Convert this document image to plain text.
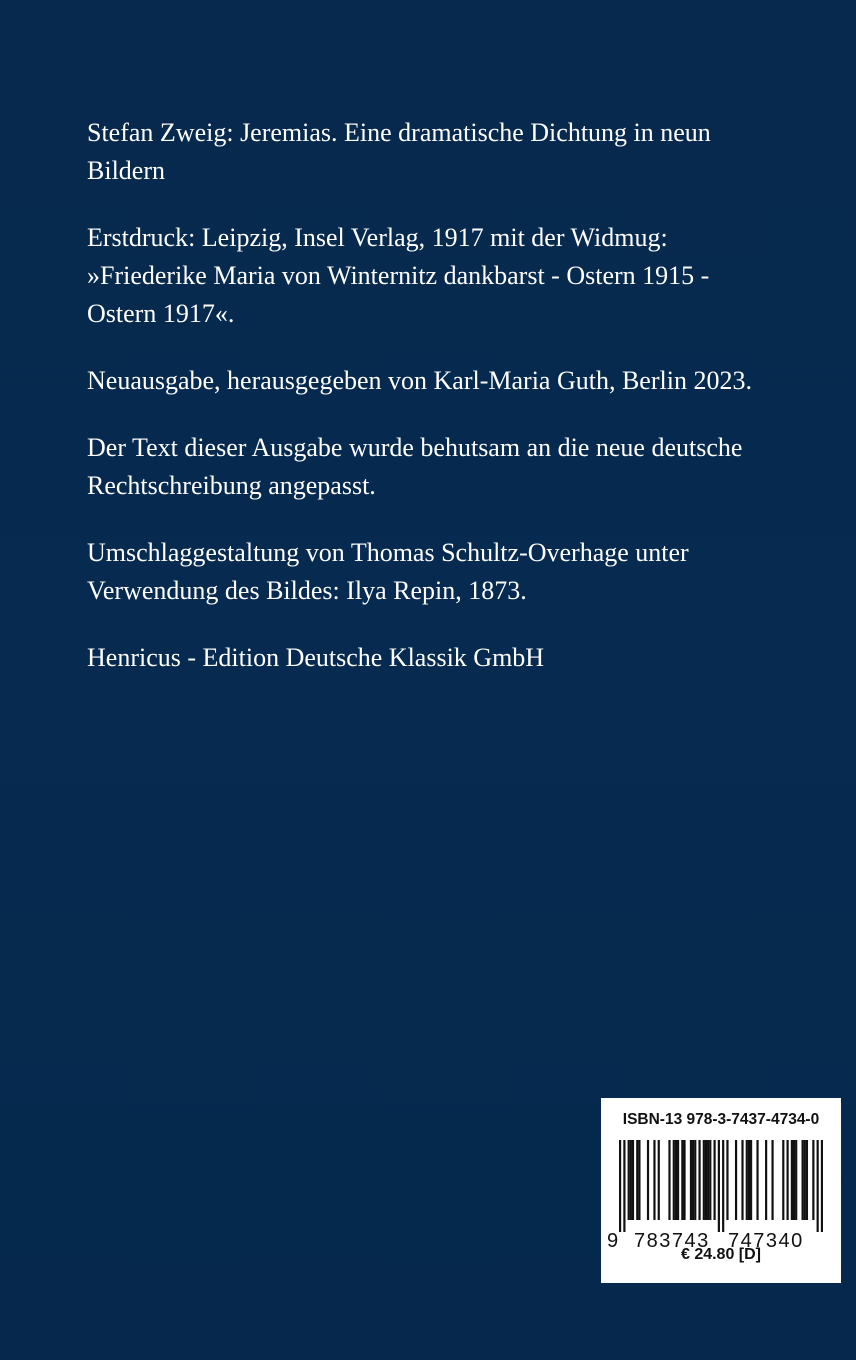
Stefan Zweig: Jeremias. Eine dramatische Dichtung in neun
Bildern

Erstdruck: Leipzig, Insel Verlag, 1917 mit der Widmug:
»Friederike Maria von Winternitz dankbarst - Ostern 1915 -
Ostern 1917«.

Neuausgabe, herausgegeben von Karl-Maria Guth, Berlin 2023.

Der Text dieser Ausgabe wurde behutsam an die neue deutsche
Rechtschreibung angepasst.

Umschlaggestaltung von Thomas Schultz-Overhage unter
Verwendung des Bildes: Ilya Repin, 1873.

Henricus - Edition Deutsche Klassik GmbH

ISBN-13 978-3-7437-4734-0
9 783743 747340
€ 24.80 [D]
